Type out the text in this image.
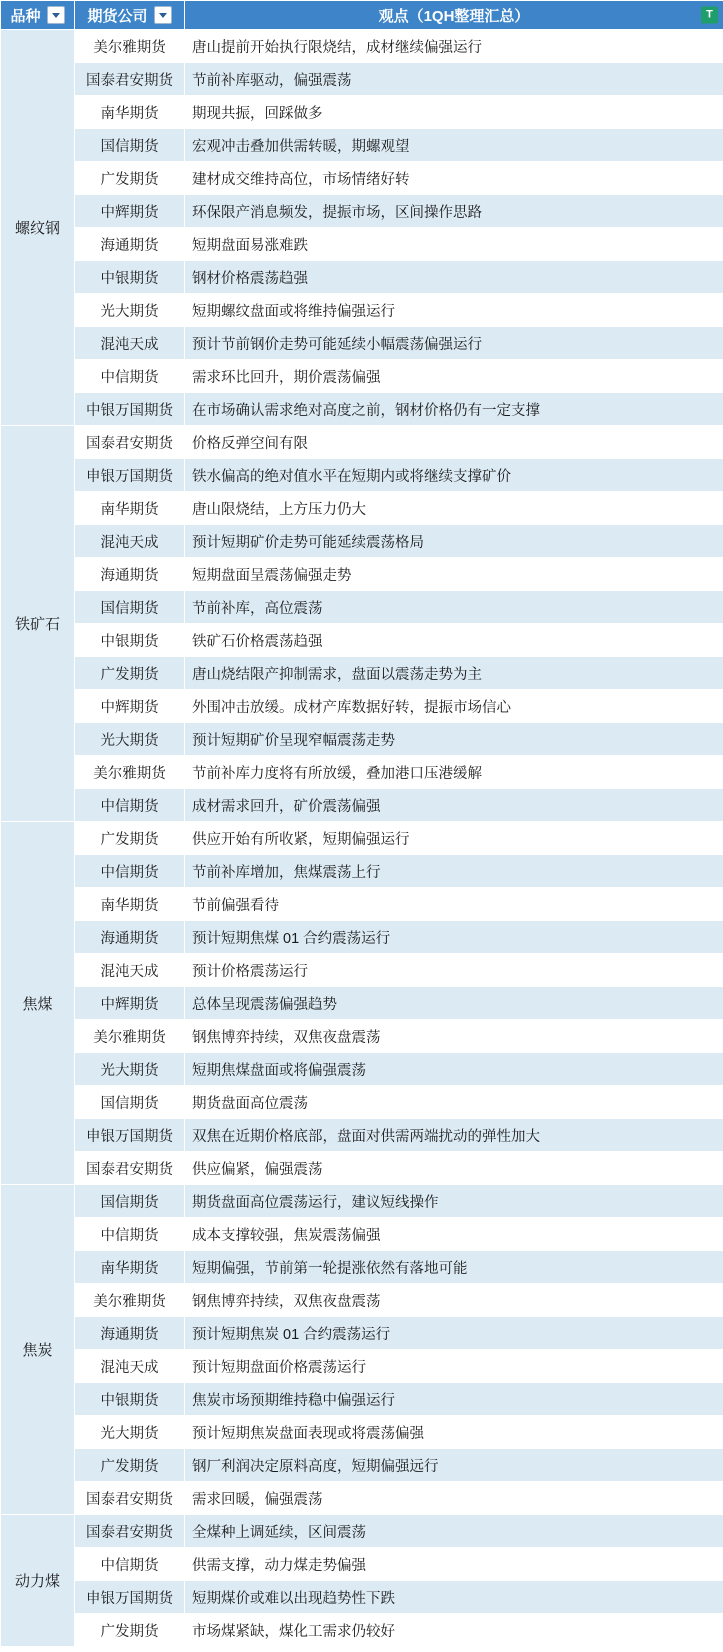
品种	期货公司	观点（1QH整理汇总） T

螺纹钢	美尔雅期货	唐山提前开始执行限烧结，成材继续偏强运行
	国泰君安期货	节前补库驱动，偏强震荡
	南华期货	期现共振，回踩做多
	国信期货	宏观冲击叠加供需转暖，期螺观望
	广发期货	建材成交维持高位，市场情绪好转
	中辉期货	环保限产消息频发，提振市场，区间操作思路
	海通期货	短期盘面易涨难跌
	中银期货	钢材价格震荡趋强
	光大期货	短期螺纹盘面或将维持偏强运行
	混沌天成	预计节前钢价走势可能延续小幅震荡偏强运行
	中信期货	需求环比回升，期价震荡偏强
	中银万国期货	在市场确认需求绝对高度之前，钢材价格仍有一定支撑
铁矿石	国泰君安期货	价格反弹空间有限
	申银万国期货	铁水偏高的绝对值水平在短期内或将继续支撑矿价
	南华期货	唐山限烧结，上方压力仍大
	混沌天成	预计短期矿价走势可能延续震荡格局
	海通期货	短期盘面呈震荡偏强走势
	国信期货	节前补库，高位震荡
	中银期货	铁矿石价格震荡趋强
	广发期货	唐山烧结限产抑制需求，盘面以震荡走势为主
	中辉期货	外围冲击放缓。成材产库数据好转，提振市场信心
	光大期货	预计短期矿价呈现窄幅震荡走势
	美尔雅期货	节前补库力度将有所放缓，叠加港口压港缓解
	中信期货	成材需求回升，矿价震荡偏强
焦煤	广发期货	供应开始有所收紧，短期偏强运行
	中信期货	节前补库增加，焦煤震荡上行
	南华期货	节前偏强看待
	海通期货	预计短期焦煤 01 合约震荡运行
	混沌天成	预计价格震荡运行
	中辉期货	总体呈现震荡偏强趋势
	美尔雅期货	钢焦博弈持续，双焦夜盘震荡
	光大期货	短期焦煤盘面或将偏强震荡
	国信期货	期货盘面高位震荡
	申银万国期货	双焦在近期价格底部，盘面对供需两端扰动的弹性加大
	国泰君安期货	供应偏紧，偏强震荡
焦炭	国信期货	期货盘面高位震荡运行，建议短线操作
	中信期货	成本支撑较强，焦炭震荡偏强
	南华期货	短期偏强，节前第一轮提涨依然有落地可能
	美尔雅期货	钢焦博弈持续，双焦夜盘震荡
	海通期货	预计短期焦炭 01 合约震荡运行
	混沌天成	预计短期盘面价格震荡运行
	中银期货	焦炭市场预期维持稳中偏强运行
	光大期货	预计短期焦炭盘面表现或将震荡偏强
	广发期货	钢厂利润决定原料高度，短期偏强远行
	国泰君安期货	需求回暖，偏强震荡
动力煤	国泰君安期货	全煤种上调延续，区间震荡
	中信期货	供需支撑，动力煤走势偏强
	申银万国期货	短期煤价或难以出现趋势性下跌
	广发期货	市场煤紧缺，煤化工需求仍较好
